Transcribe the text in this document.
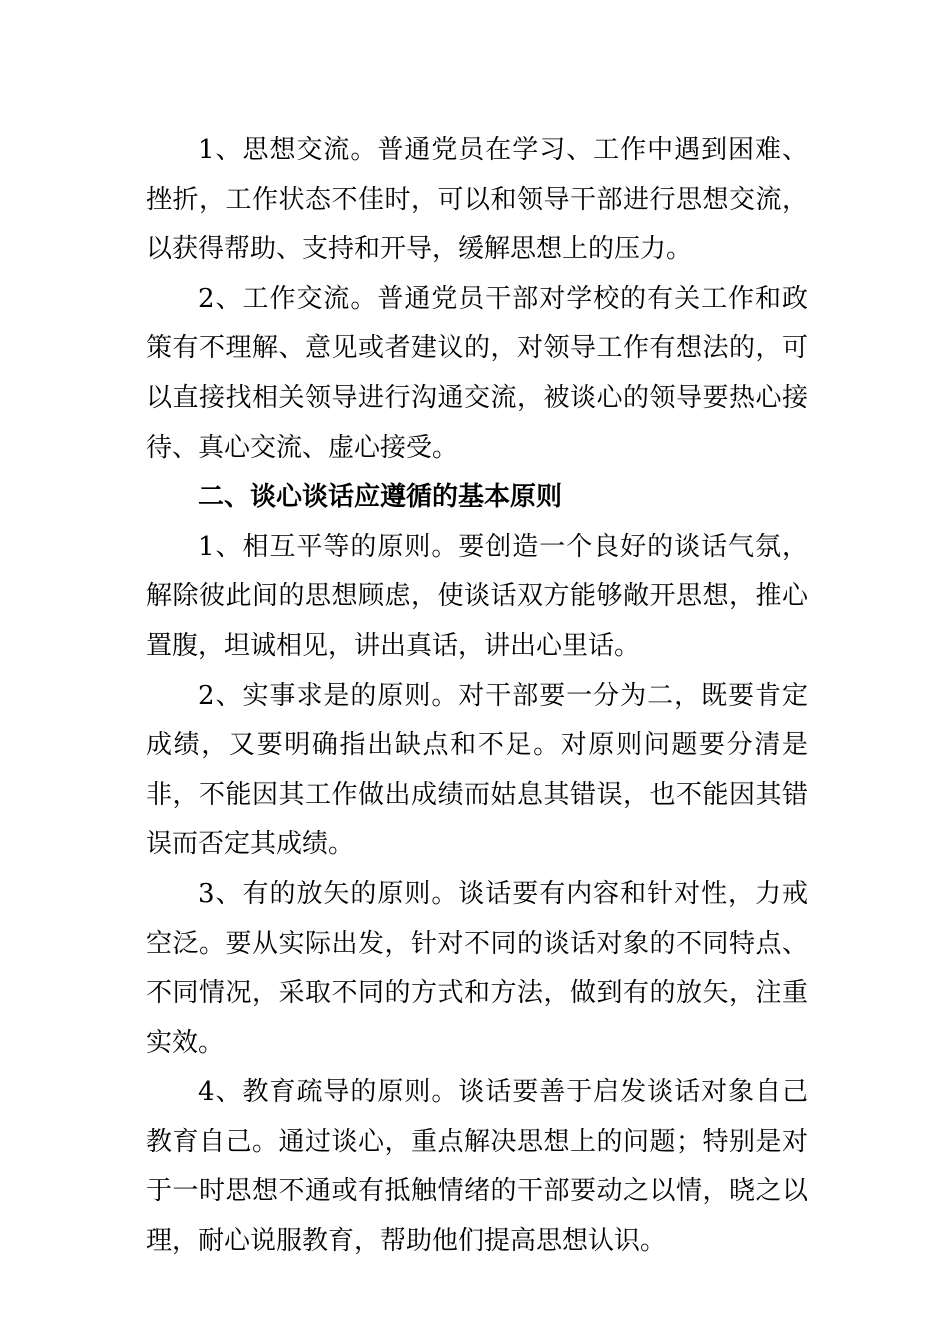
1、思想交流。普通党员在学习、工作中遇到困难、挫折，工作状态不佳时，可以和领导干部进行思想交流，以获得帮助、支持和开导，缓解思想上的压力。

2、工作交流。普通党员干部对学校的有关工作和政策有不理解、意见或者建议的，对领导工作有想法的，可以直接找相关领导进行沟通交流，被谈心的领导要热心接待、真心交流、虚心接受。

二、谈心谈话应遵循的基本原则

1、相互平等的原则。要创造一个良好的谈话气氛，解除彼此间的思想顾虑，使谈话双方能够敞开思想，推心置腹，坦诚相见，讲出真话，讲出心里话。

2、实事求是的原则。对干部要一分为二，既要肯定成绩，又要明确指出缺点和不足。对原则问题要分清是非，不能因其工作做出成绩而姑息其错误，也不能因其错误而否定其成绩。

3、有的放矢的原则。谈话要有内容和针对性，力戒空泛。要从实际出发，针对不同的谈话对象的不同特点、不同情况，采取不同的方式和方法，做到有的放矢，注重实效。

4、教育疏导的原则。谈话要善于启发谈话对象自己教育自己。通过谈心，重点解决思想上的问题；特别是对于一时思想不通或有抵触情绪的干部要动之以情，晓之以理，耐心说服教育，帮助他们提高思想认识。
